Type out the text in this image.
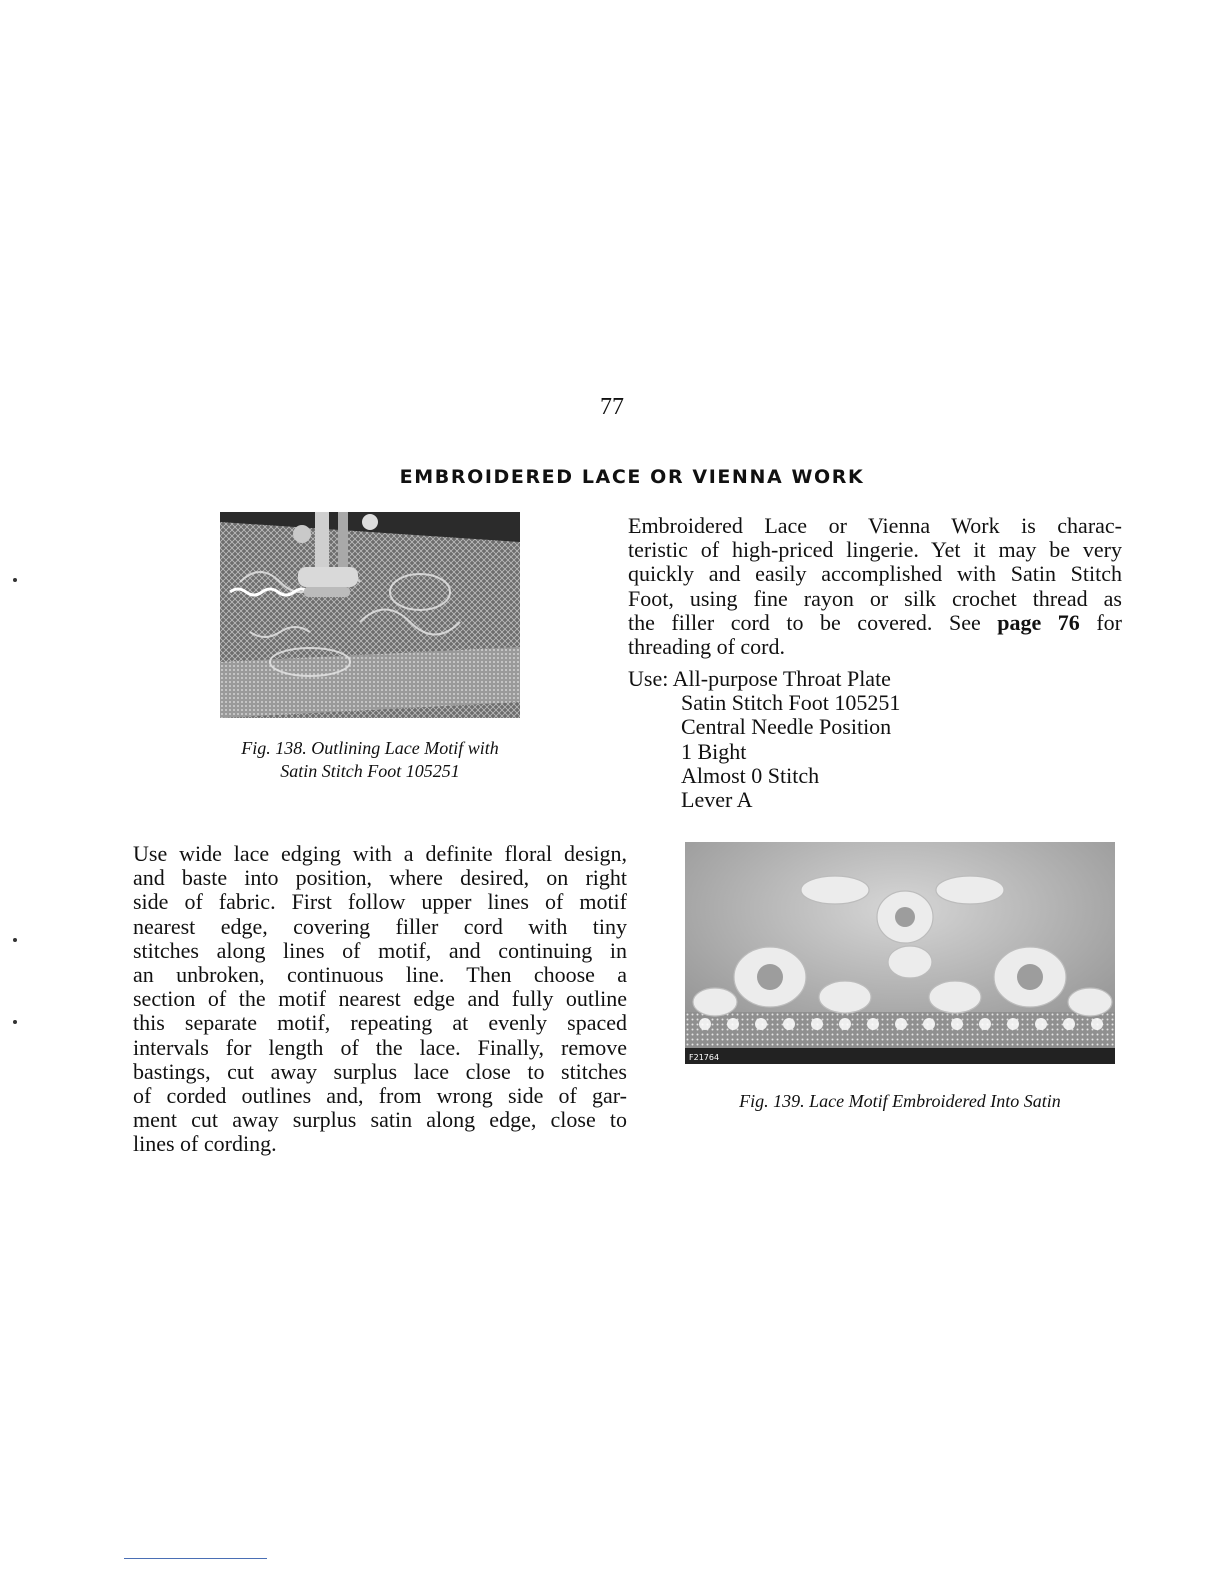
77
EMBROIDERED LACE OR VIENNA WORK
Fig. 138. Outlining Lace Motif with
Satin Stitch Foot 105251
Embroidered Lace or Vienna Work is charac-
teristic of high-priced lingerie. Yet it may be very
quickly and easily accomplished with Satin Stitch
Foot, using fine rayon or silk crochet thread as
the filler cord to be covered. See page 76 for
threading of cord.
Use: All-purpose Throat Plate
Satin Stitch Foot 105251
Central Needle Position
1 Bight
Almost 0 Stitch
Lever A
Use wide lace edging with a definite floral design,
and baste into position, where desired, on right
side of fabric. First follow upper lines of motif
nearest edge, covering filler cord with tiny
stitches along lines of motif, and continuing in
an unbroken, continuous line. Then choose a
section of the motif nearest edge and fully outline
this separate motif, repeating at evenly spaced
intervals for length of the lace. Finally, remove
bastings, cut away surplus lace close to stitches
of corded outlines and, from wrong side of gar-
ment cut away surplus satin along edge, close to
lines of cording.
F21764
Fig. 139. Lace Motif Embroidered Into Satin
